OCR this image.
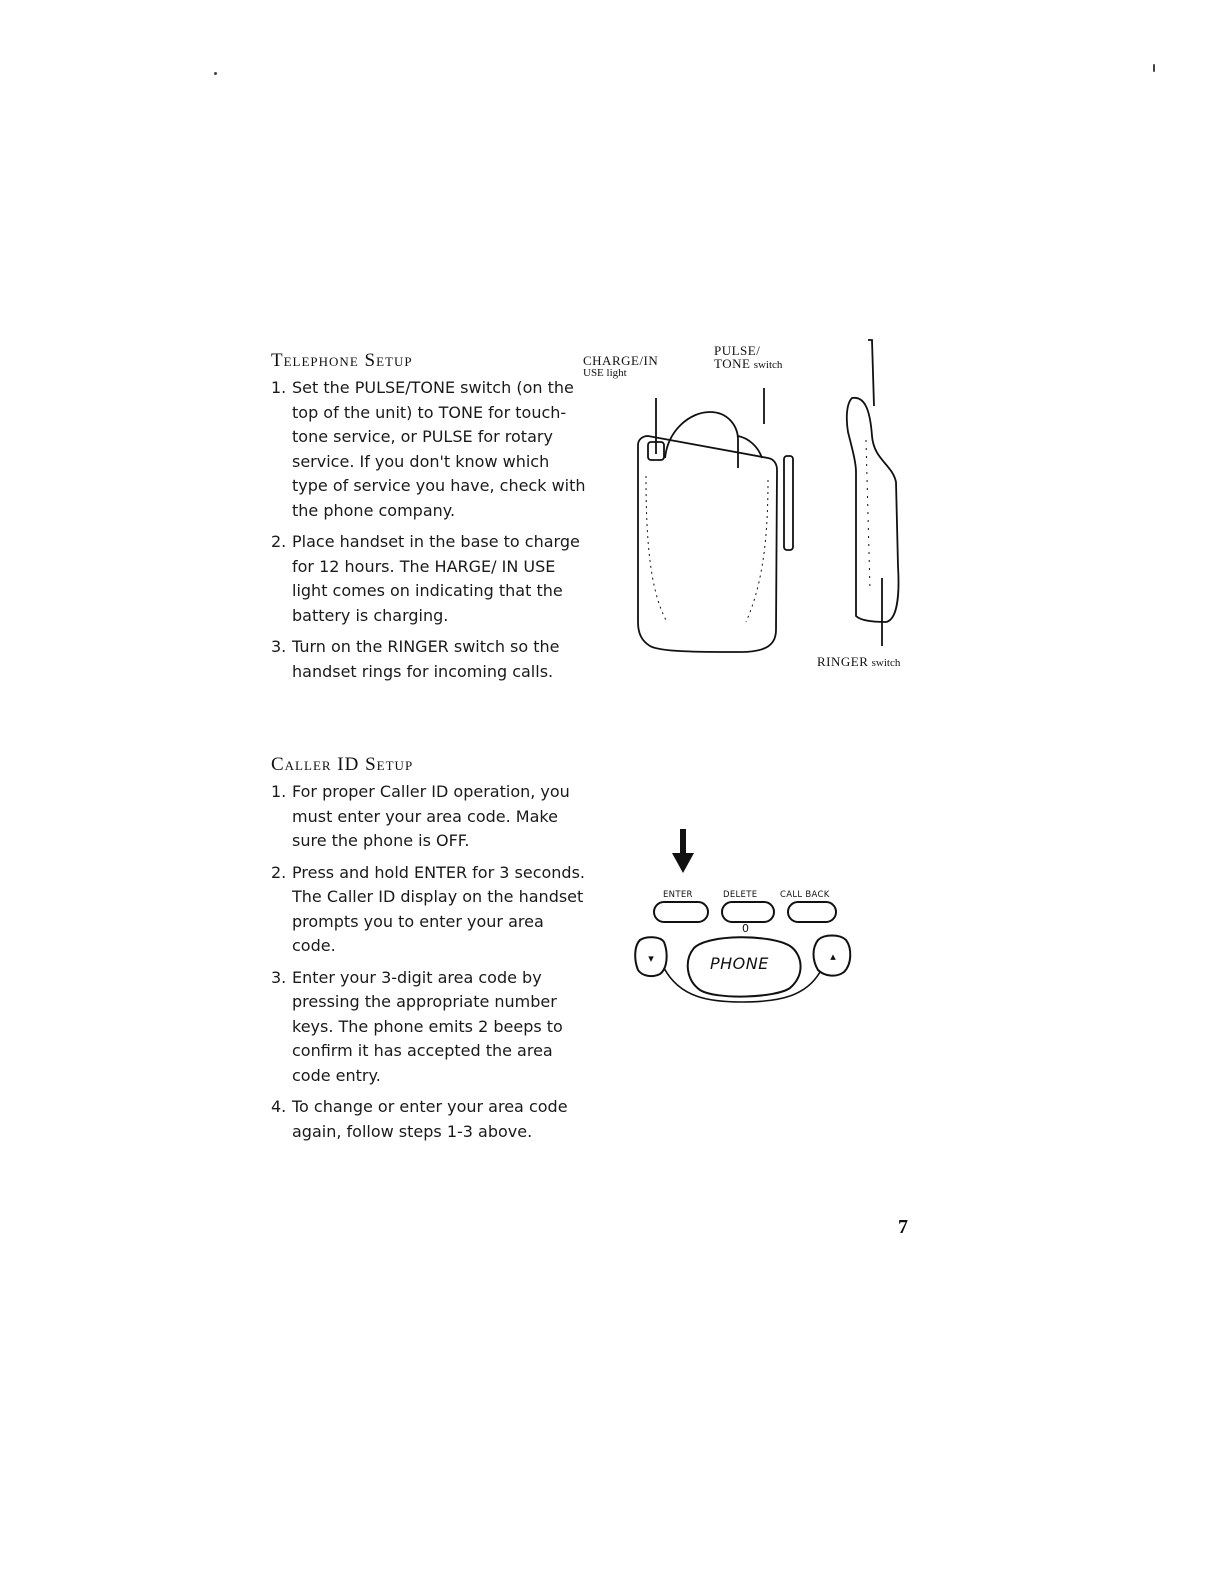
Telephone Setup
1. Set the PULSE/TONE switch (on the top of the unit) to TONE for touch-tone service, or PULSE for rotary service. If you don't know which type of service you have, check with the phone company.
2. Place handset in the base to charge for 12 hours. The HARGE/ IN USE light comes on indicating that the battery is charging.
3. Turn on the RINGER switch so the handset rings for incoming calls.
Caller ID Setup
1. For proper Caller ID operation, you must enter your area code. Make sure the phone is OFF.
2. Press and hold ENTER for 3 seconds. The Caller ID display on the handset prompts you to enter your area code.
3. Enter your 3-digit area code by pressing the appropriate number keys. The phone emits 2 beeps to confirm it has accepted the area code entry.
4. To change or enter your area code again, follow steps 1-3 above.
CHARGE/IN
USE light
PULSE/
TONE switch
RINGER switch
ENTER	DELETE	CALL BACK
0
▾	▴
PHONE
7
